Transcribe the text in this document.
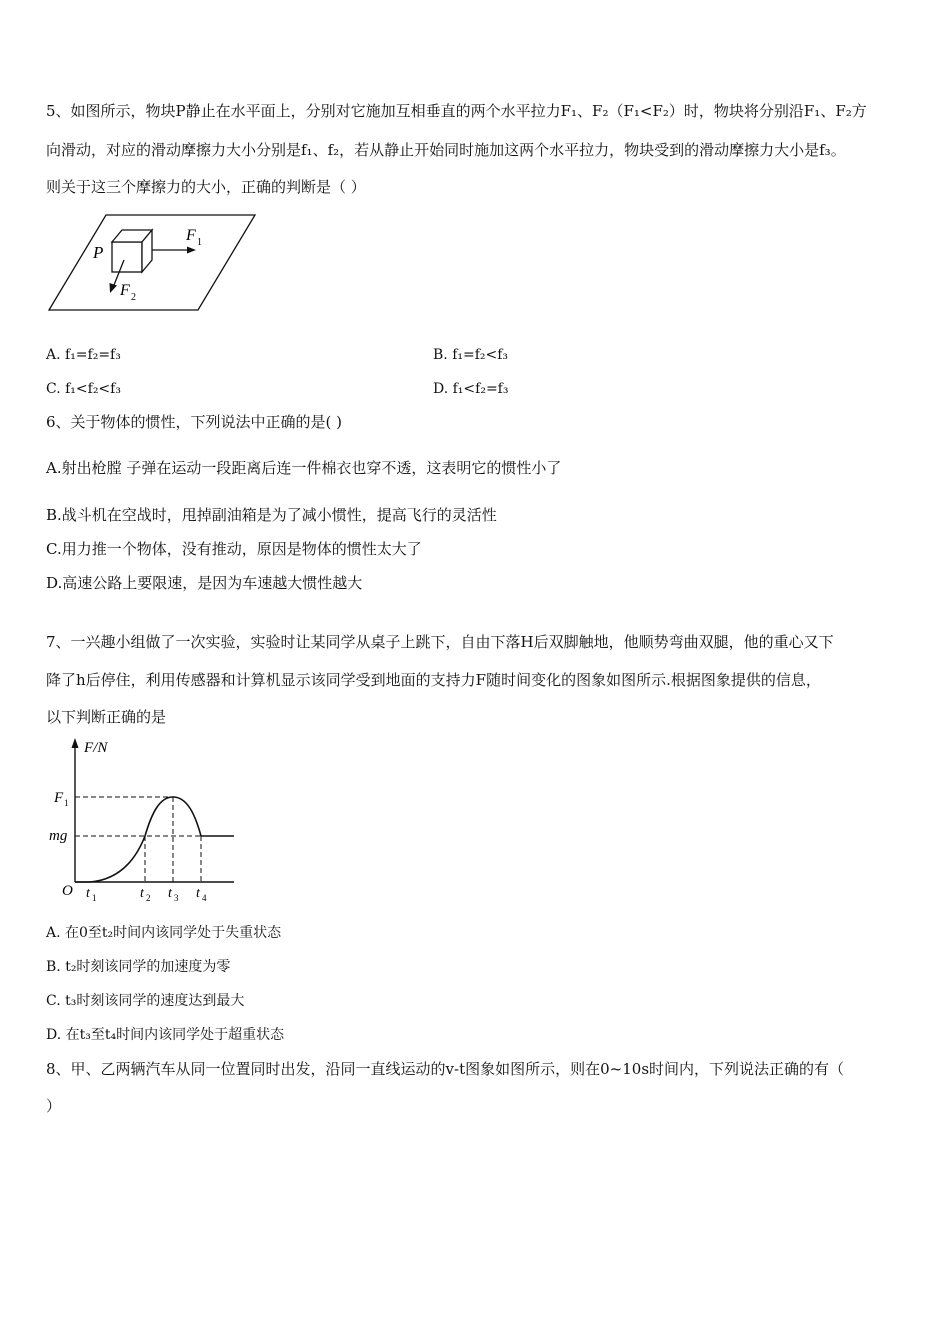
5、如图所示，物块P静止在水平面上，分别对它施加互相垂直的两个水平拉力F₁、F₂（F₁<F₂）时，物块将分别沿F₁、F₂方
向滑动，对应的滑动摩擦力大小分别是f₁、f₂，若从静止开始同时施加这两个水平拉力，物块受到的滑动摩擦力大小是f₃。
则关于这三个摩擦力的大小，正确的判断是（ ）
P
F 1
F 2
A. f₁=f₂=f₃	B. f₁=f₂<f₃
C. f₁<f₂<f₃	D. f₁<f₂=f₃
6、关于物体的惯性，下列说法中正确的是( )
A.射出枪膛 子弹在运动一段距离后连一件棉衣也穿不透，这表明它的惯性小了
B.战斗机在空战时，甩掉副油箱是为了减小惯性，提高飞行的灵活性
C.用力推一个物体，没有推动，原因是物体的惯性太大了
D.高速公路上要限速，是因为车速越大惯性越大
7、一兴趣小组做了一次实验，实验时让某同学从桌子上跳下，自由下落H后双脚触地，他顺势弯曲双腿，他的重心又下
降了h后停住，利用传感器和计算机显示该同学受到地面的支持力F随时间变化的图象如图所示.根据图象提供的信息，
以下判断正确的是
F/N
F 1
mg
O t 1	t 2 t 3 t 4
A. 在0至t₂时间内该同学处于失重状态
B. t₂时刻该同学的加速度为零
C. t₃时刻该同学的速度达到最大
D. 在t₃至t₄时间内该同学处于超重状态
8、甲、乙两辆汽车从同一位置同时出发，沿同一直线运动的v-t图象如图所示，则在0~10s时间内，下列说法正确的有（
）
